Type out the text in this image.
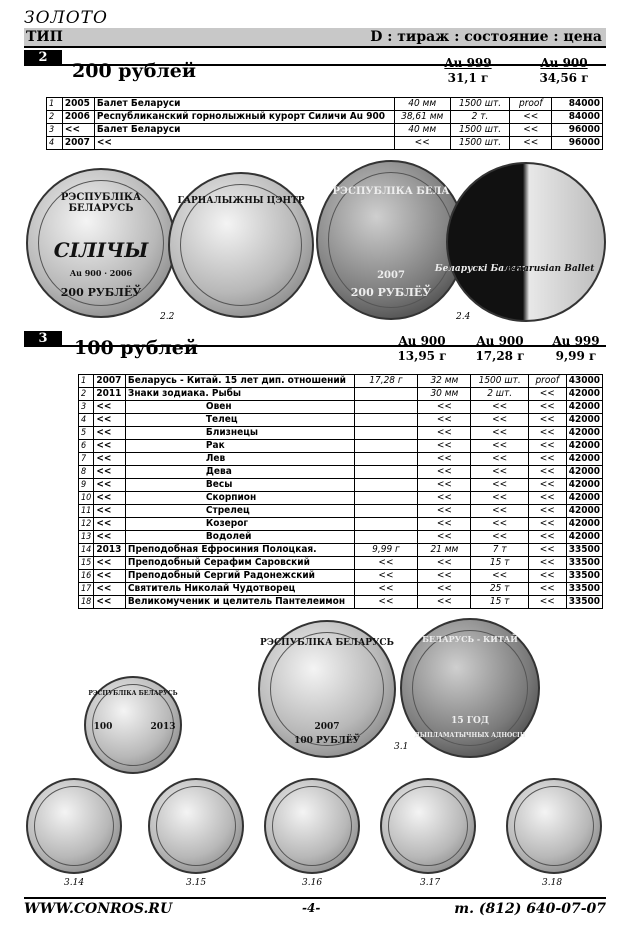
ЗОЛОТО
ТИП	D : тираж : состояние : цена
2
200 рублей	Au 999
31,1 г
Au 900
34,56 г
1	2005	Балет Беларуси	40 мм	1500 шт.	proof	84000
2	2006	Республиканский горнолыжный курорт Силичи Au 900	38,61 мм	2 т.	<<	84000
3	<<	Балет Беларуси	40 мм	1500 шт.	<<	96000
4	2007	<<	<<	1500 шт.	<<	96000
РЭСПУБЛІКА БЕЛАРУСЬ
СІЛІЧЫ
Au 900 · 2006
200 РУБЛЁЎ
ГАРНАЛЫЖНЫ ЦЭНТР
2.2
РЭСПУБЛІКА БЕЛА
2007
200 РУБЛЁЎ
Беларускі Балет
Belarusian Ballet
2.4
3	100 рублей	Au 900
13,95 г
Au 900
17,28 г
Au 999
9,99 г
1	2007	Беларусь - Китай. 15 лет дип. отношений	17,28 г	32 мм	1500 шт.	proof	43000
2	2011	Знаки зодиака. Рыбы		30 мм	2 шт.	<<	42000
3	<<	Овен		<<	<<	<<	42000
4	<<	Телец		<<	<<	<<	42000
5	<<	Близнецы		<<	<<	<<	42000
6	<<	Рак		<<	<<	<<	42000
7	<<	Лев		<<	<<	<<	42000
8	<<	Дева		<<	<<	<<	42000
9	<<	Весы		<<	<<	<<	42000
10	<<	Скорпион		<<	<<	<<	42000
11	<<	Стрелец		<<	<<	<<	42000
12	<<	Козерог		<<	<<	<<	42000
13	<<	Водолей		<<	<<	<<	42000
14	2013	Преподобная Ефросиния Полоцкая.	9,99 г	21 мм	7 т	<<	33500
15	<<	Преподобный Серафим Саровский	<<	<<	15 т	<<	33500
16	<<	Преподобный Сергий Радонежский	<<	<<	<<	<<	33500
17	<<	Святитель Николай Чудотворец	<<	<<	25 т	<<	33500
18	<<	Великомученик и целитель Пантелеимон	<<	<<	15 т	<<	33500
РЭСПУБЛІКА БЕЛАРУСЬ
100	2013
РЭСПУБЛІКА БЕЛАРУСЬ
2007
100 РУБЛЁЎ
БЕЛАРУСЬ - КИТАЙ
15 ГОД
ДЫПЛАМАТЫЧНЫХ АДНОСІН
3.1
3.14	3.15	3.16	3.17	3.18
WWW.CONROS.RU	-4-	т. (812) 640-07-07
